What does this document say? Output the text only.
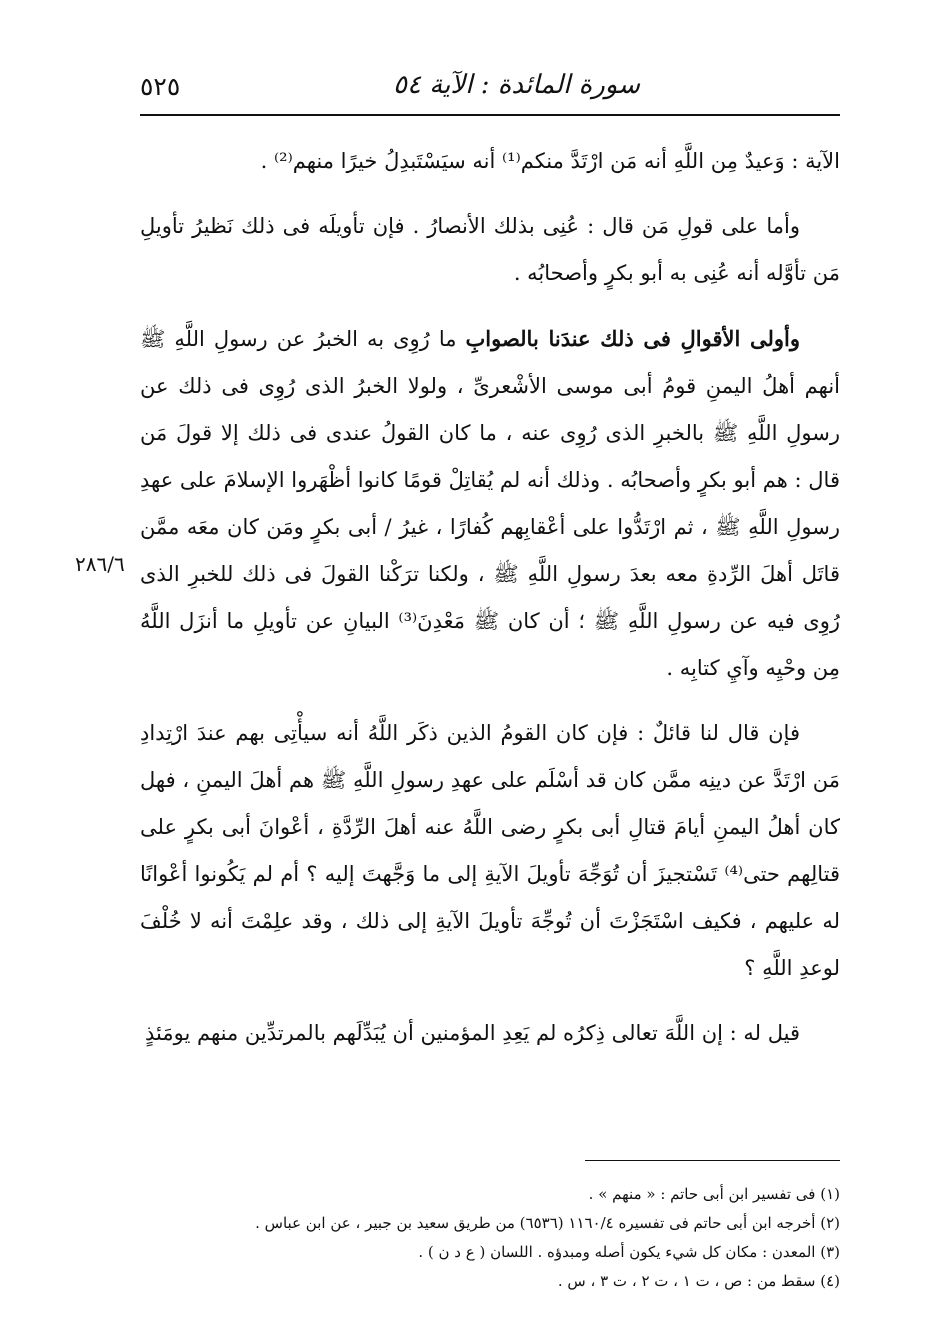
سورة المائدة : الآية ٥٤
٥٢٥
٢٨٦/٦

الآية : وَعيدٌ مِن اللَّهِ أنه مَن ارْتَدَّ منكم⁽¹⁾ أنه سيَسْتَبدِلُ خيرًا منهم⁽²⁾ .

وأما على قولِ مَن قال : عُنِى بذلك الأنصارُ . فإن تأويلَه فى ذلك نَظيرُ تأويلِ مَن تأوَّله أنه عُنِى به أبو بكرٍ وأصحابُه .

وأولى الأقوالِ فى ذلك عندَنا بالصوابِ ما رُوِى به الخبرُ عن رسولِ اللَّهِ ﷺ أنهم أهلُ اليمنِ قومُ أبى موسى الأشْعرىِّ ، ولولا الخبرُ الذى رُوِى فى ذلك عن رسولِ اللَّهِ ﷺ بالخبرِ الذى رُوِى عنه ، ما كان القولُ عندى فى ذلك إلا قولَ مَن قال : هم أبو بكرٍ وأصحابُه . وذلك أنه لم يُقاتِلْ قومًا كانوا أظْهَروا الإسلامَ على عهدِ رسولِ اللَّهِ ﷺ ، ثم ارْتَدُّوا على أعْقابِهم كُفارًا ، غيرُ / أبى بكرٍ ومَن كان معَه ممَّن قاتَل أهلَ الرِّدةِ معه بعدَ رسولِ اللَّهِ ﷺ ، ولكنا ترَكْنا القولَ فى ذلك للخبرِ الذى رُوِى فيه عن رسولِ اللَّهِ ﷺ ؛ أن كان ﷺ مَعْدِنَ⁽³⁾ البيانِ عن تأويلِ ما أنزَل اللَّهُ مِن وحْيِه وآيِ كتابِه .

فإن قال لنا قائلٌ : فإن كان القومُ الذين ذكَر اللَّهُ أنه سيأْتِى بهم عندَ ارْتِدادِ مَن ارْتَدَّ عن دينِه ممَّن كان قد أسْلَم على عهدِ رسولِ اللَّهِ ﷺ هم أهلَ اليمنِ ، فهل كان أهلُ اليمنِ أيامَ قتالِ أبى بكرٍ رضى اللَّهُ عنه أهلَ الرِّدَّةِ ، أعْوانَ أبى بكرٍ على قتالِهم حتى⁽⁴⁾ تَسْتجيزَ أن تُوَجِّهَ تأويلَ الآيةِ إلى ما وَجَّهتَ إليه ؟ أم لم يَكُونوا أعْوانًا له عليهم ، فكيف اسْتَجَزْتَ أن تُوجِّهَ تأويلَ الآيةِ إلى ذلك ، وقد علِمْتَ أنه لا خُلْفَ لوعدِ اللَّهِ ؟

قيل له : إن اللَّهَ تعالى ذِكرُه لم يَعِدِ المؤمنين أن يُبَدِّلَهم بالمرتدِّين منهم يومَئذٍ

(١) فى تفسير ابن أبى حاتم : « منهم » .
(٢) أخرجه ابن أبى حاتم فى تفسيره ١١٦٠/٤ (٦٥٣٦) من طريق سعيد بن جبير ، عن ابن عباس .
(٣) المعدن : مكان كل شيء يكون أصله ومبدؤه . اللسان ( ع د ن ) .
(٤) سقط من : ص ، ت ١ ، ت ٢ ، ت ٣ ، س .
